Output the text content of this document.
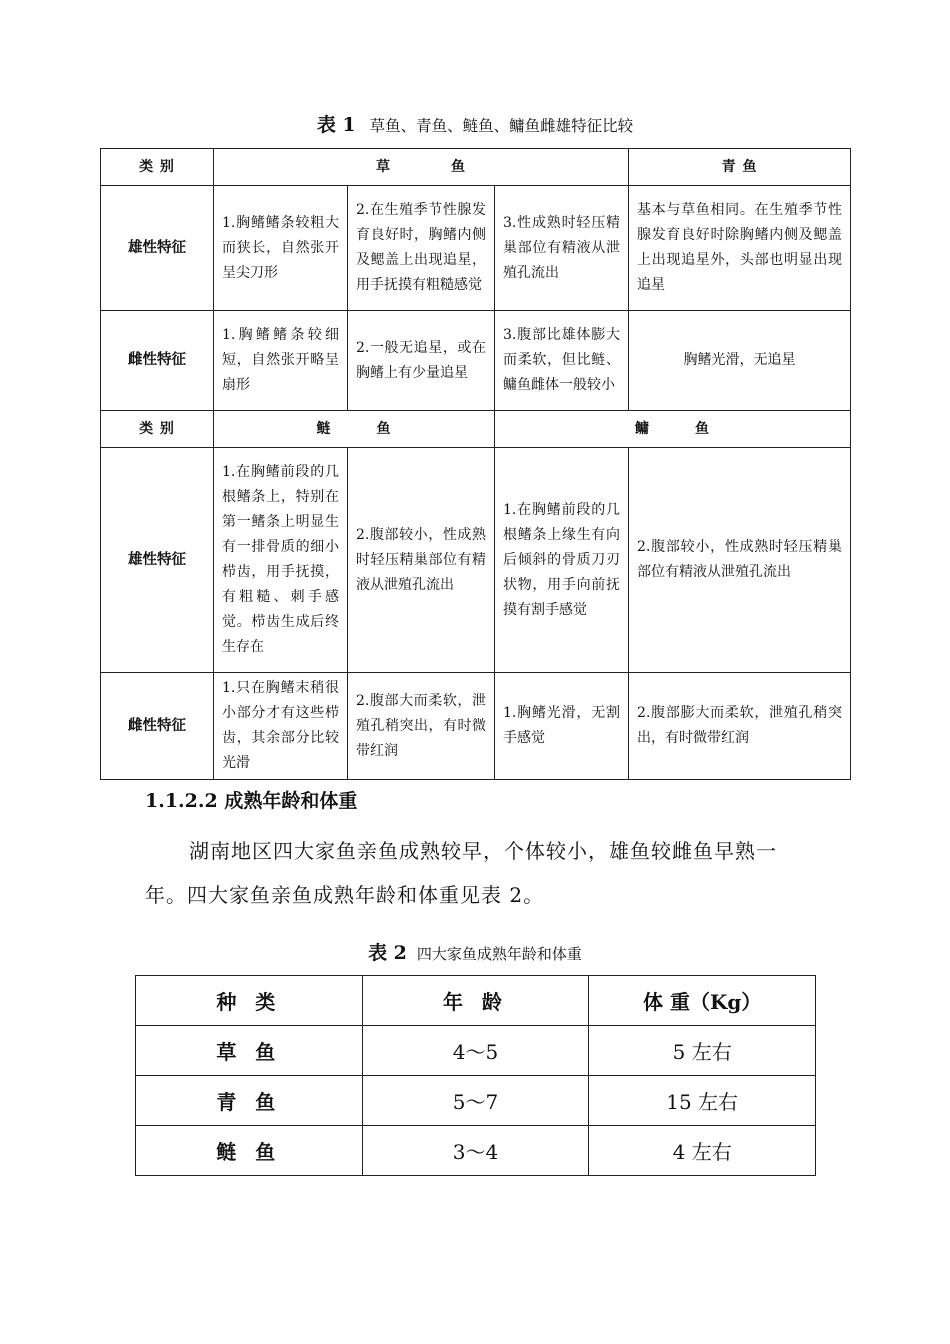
表 1 草鱼、青鱼、鲢鱼、鳙鱼雌雄特征比较
类 别	草　　　　鱼			青 鱼
雄性特征	1.胸鳍鳍条较粗大而狭长，自然张开呈尖刀形	2.在生殖季节性腺发育良好时，胸鳍内侧及鳃盖上出现追星，用手抚摸有粗糙感觉	3.性成熟时轻压精巢部位有精液从泄殖孔流出	基本与草鱼相同。在生殖季节性腺发育良好时除胸鳍内侧及鳃盖上出现追星外，头部也明显出现追星
雌性特征	1.胸鳍鳍条较细短，自然张开略呈扇形	2.一般无追星，或在胸鳍上有少量追星	3.腹部比雄体膨大而柔软，但比鲢、鳙鱼雌体一般较小	胸鳍光滑，无追星
类 别	鲢　　　鱼		鳙　　　鱼	
雄性特征	1.在胸鳍前段的几根鳍条上，特别在第一鳍条上明显生有一排骨质的细小栉齿，用手抚摸，有粗糙、刺手感觉。栉齿生成后终生存在	2.腹部较小，性成熟时轻压精巢部位有精液从泄殖孔流出	1.在胸鳍前段的几根鳍条上缘生有向后倾斜的骨质刀刃状物，用手向前抚摸有割手感觉	2.腹部较小，性成熟时轻压精巢部位有精液从泄殖孔流出
雌性特征	1.只在胸鳍末稍很小部分才有这些栉齿，其余部分比较光滑	2.腹部大而柔软，泄殖孔稍突出，有时微带红润	1.胸鳍光滑，无割手感觉	2.腹部膨大而柔软，泄殖孔稍突出，有时微带红润
1.1.2.2 成熟年龄和体重
湖南地区四大家鱼亲鱼成熟较早，个体较小，雄鱼较雌鱼早熟一年。四大家鱼亲鱼成熟年龄和体重见表 2。
表 2 四大家鱼成熟年龄和体重
种 类	年 龄	体 重（Kg）
草 鱼	4～5	5 左右
青 鱼	5～7	15 左右
鲢 鱼	3～4	4 左右
